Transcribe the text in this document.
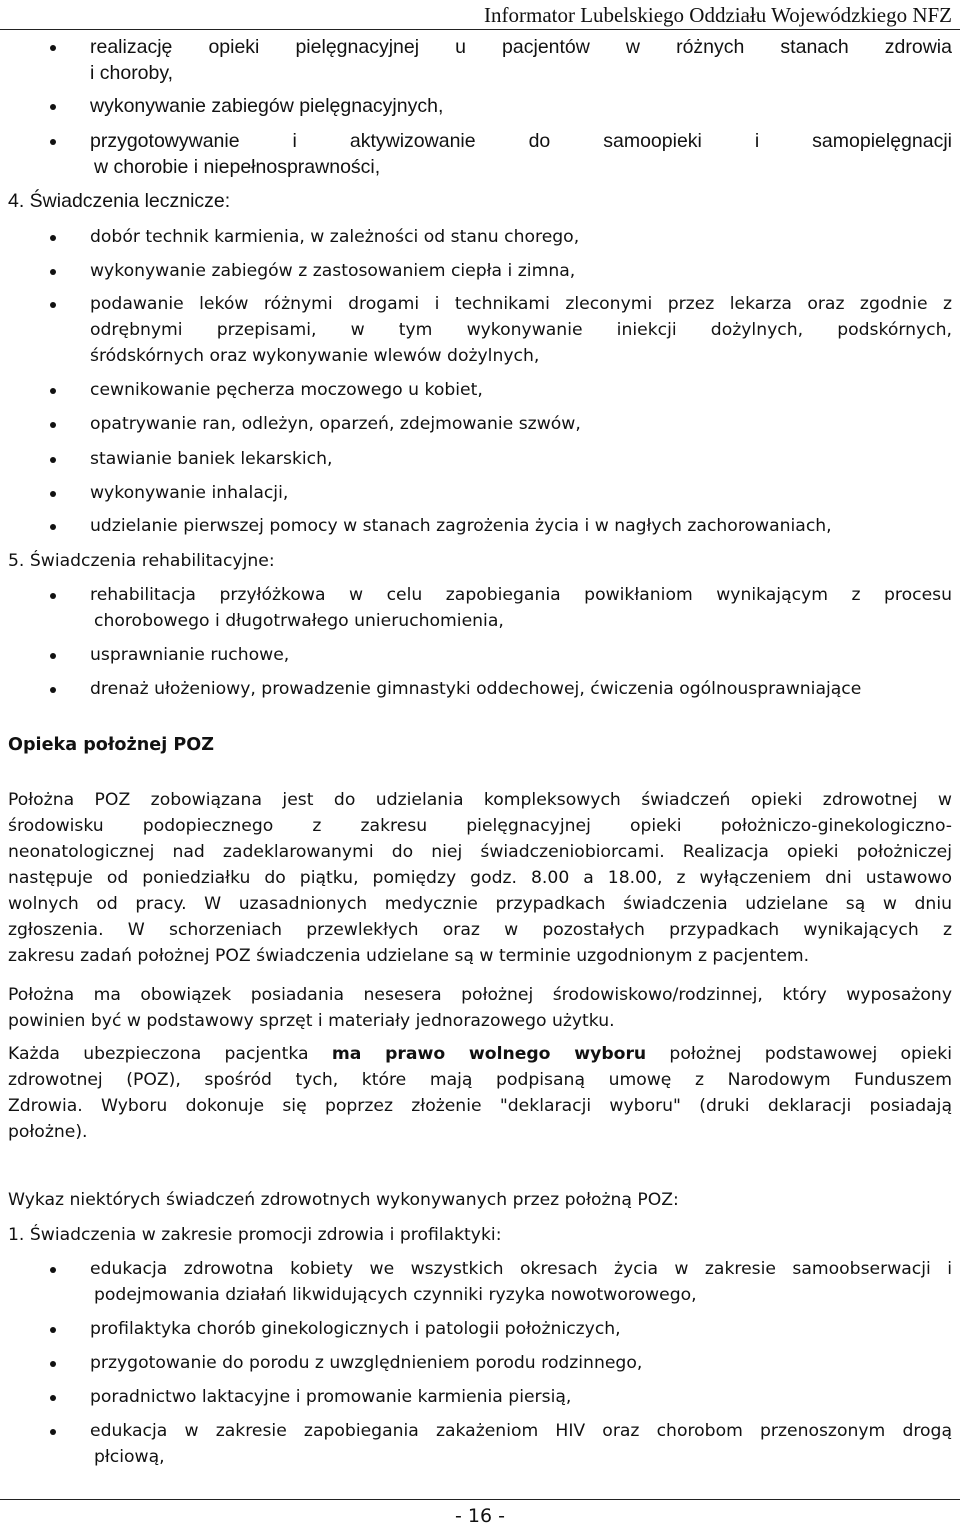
Informator Lubelskiego Oddziału Wojewódzkiego NFZ
realizację opieki pielęgnacyjnej u pacjentów w różnych stanach zdrowia
i choroby,
wykonywanie zabiegów pielęgnacyjnych,
przygotowywanie i aktywizowanie do samoopieki i samopielęgnacji
w chorobie i niepełnosprawności,
4. Świadczenia lecznicze:
dobór technik karmienia, w zależności od stanu chorego,
wykonywanie zabiegów z zastosowaniem ciepła i zimna,
podawanie leków różnymi drogami i technikami zleconymi przez lekarza oraz zgodnie z
odrębnymi przepisami, w tym wykonywanie iniekcji dożylnych, podskórnych,
śródskórnych oraz wykonywanie wlewów dożylnych,
cewnikowanie pęcherza moczowego u kobiet,
opatrywanie ran, odleżyn, oparzeń, zdejmowanie szwów,
stawianie baniek lekarskich,
wykonywanie inhalacji,
udzielanie pierwszej pomocy w stanach zagrożenia życia i w nagłych zachorowaniach,
5. Świadczenia rehabilitacyjne:
rehabilitacja przyłóżkowa w celu zapobiegania powikłaniom wynikającym z procesu
chorobowego i długotrwałego unieruchomienia,
usprawnianie ruchowe,
drenaż ułożeniowy, prowadzenie gimnastyki oddechowej, ćwiczenia ogólnousprawniające
Opieka położnej POZ
Położna POZ zobowiązana jest do udzielania kompleksowych świadczeń opieki zdrowotnej w
środowisku podopiecznego z zakresu pielęgnacyjnej opieki położniczo-ginekologiczno-
neonatologicznej nad zadeklarowanymi do niej świadczeniobiorcami. Realizacja opieki położniczej
następuje od poniedziałku do piątku, pomiędzy godz. 8.00 a 18.00, z wyłączeniem dni ustawowo
wolnych od pracy. W uzasadnionych medycznie przypadkach świadczenia udzielane są w dniu
zgłoszenia. W schorzeniach przewlekłych oraz w pozostałych przypadkach wynikających z
zakresu zadań położnej POZ świadczenia udzielane są w terminie uzgodnionym z pacjentem.
Położna ma obowiązek posiadania nesesera położnej środowiskowo/rodzinnej, który wyposażony
powinien być w podstawowy sprzęt i materiały jednorazowego użytku.
Każda ubezpieczona pacjentka ma prawo wolnego wyboru położnej podstawowej opieki
zdrowotnej (POZ), spośród tych, które mają podpisaną umowę z Narodowym Funduszem
Zdrowia. Wyboru dokonuje się poprzez złożenie "deklaracji wyboru" (druki deklaracji posiadają
położne).
Wykaz niektórych świadczeń zdrowotnych wykonywanych przez położną POZ:
1. Świadczenia w zakresie promocji zdrowia i profilaktyki:
edukacja zdrowotna kobiety we wszystkich okresach życia w zakresie samoobserwacji i
podejmowania działań likwidujących czynniki ryzyka nowotworowego,
profilaktyka chorób ginekologicznych i patologii położniczych,
przygotowanie do porodu z uwzględnieniem porodu rodzinnego,
poradnictwo laktacyjne i promowanie karmienia piersią,
edukacja w zakresie zapobiegania zakażeniom HIV oraz chorobom przenoszonym drogą
płciową,
- 16 -
